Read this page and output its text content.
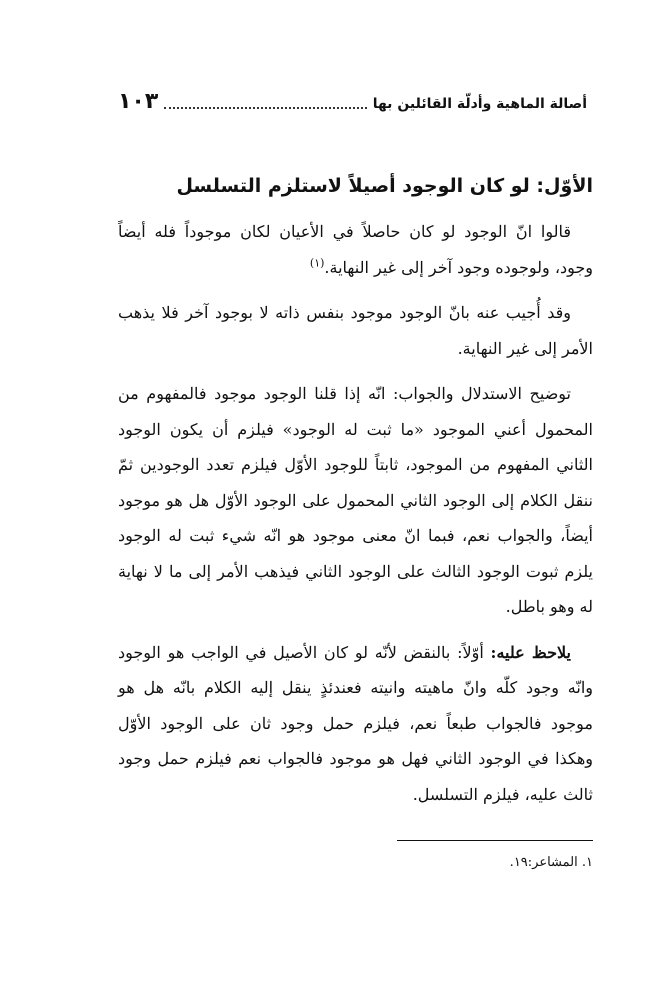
أصالة الماهية وأدلّة القائلين بها
١٠٣
الأوّل: لو كان الوجود أصيلاً لاستلزم التسلسل

قالوا انّ الوجود لو كان حاصلاً في الأعيان لكان موجوداً فله أيضاً وجود، ولوجوده وجود آخر إلى غير النهاية.$^{(١)}$

وقد أُجيب عنه بانّ الوجود موجود بنفس ذاته لا بوجود آخر فلا يذهب الأمر إلى غير النهاية.

توضيح الاستدلال والجواب: انّه إذا قلنا الوجود موجود فالمفهوم من المحمول أعني الموجود «ما ثبت له الوجود» فيلزم أن يكون الوجود الثاني المفهوم من الموجود، ثابتاً للوجود الأوّل فيلزم تعدد الوجودين ثمّ ننقل الكلام إلى الوجود الثاني المحمول على الوجود الأوّل هل هو موجود أيضاً، والجواب نعم، فبما انّ معنى موجود هو انّه شيء ثبت له الوجود يلزم ثبوت الوجود الثالث على الوجود الثاني فيذهب الأمر إلى ما لا نهاية له وهو باطل.

يلاحظ عليه: أوّلاً: بالنقض لأنّه لو كان الأصيل في الواجب هو الوجود وانّه وجود كلّه وانّ ماهيته وانيته فعندئذٍ ينقل إليه الكلام بانّه هل هو موجود فالجواب طبعاً نعم، فيلزم حمل وجود ثان على الوجود الأوّل وهكذا في الوجود الثاني فهل هو موجود فالجواب نعم فيلزم حمل وجود ثالث عليه، فيلزم التسلسل.

١. المشاعر:١٩.
